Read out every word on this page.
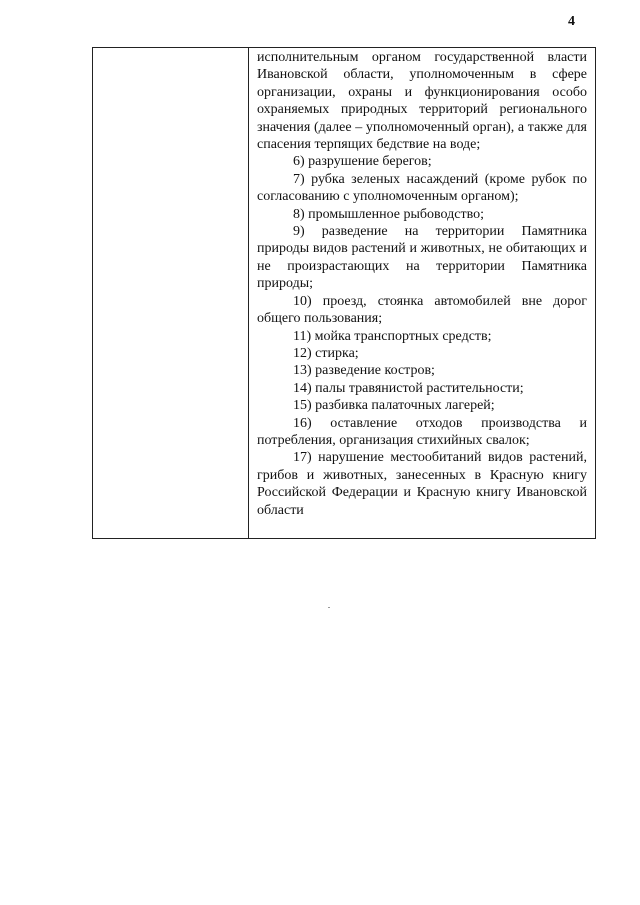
4

исполнительным органом государственной власти Ивановской области, уполномоченным в сфере организации, охраны и функционирования особо охраняемых природных территорий регионального значения (далее – уполномоченный орган), а также для спасения терпящих бедствие на воде;

6) разрушение берегов;

7) рубка зеленых насаждений (кроме рубок по согласованию с уполномоченным органом);

8) промышленное рыбоводство;

9) разведение на территории Памятника природы видов растений и животных, не обитающих и не произрастающих на территории Памятника природы;

10) проезд, стоянка автомобилей вне дорог общего пользования;

11) мойка транспортных средств;

12) стирка;

13) разведение костров;

14) палы травянистой растительности;

15) разбивка палаточных лагерей;

16) оставление отходов производства и потребления, организация стихийных свалок;

17) нарушение местообитаний видов растений, грибов и животных, занесенных в Красную книгу Российской Федерации и Красную книгу Ивановской области
